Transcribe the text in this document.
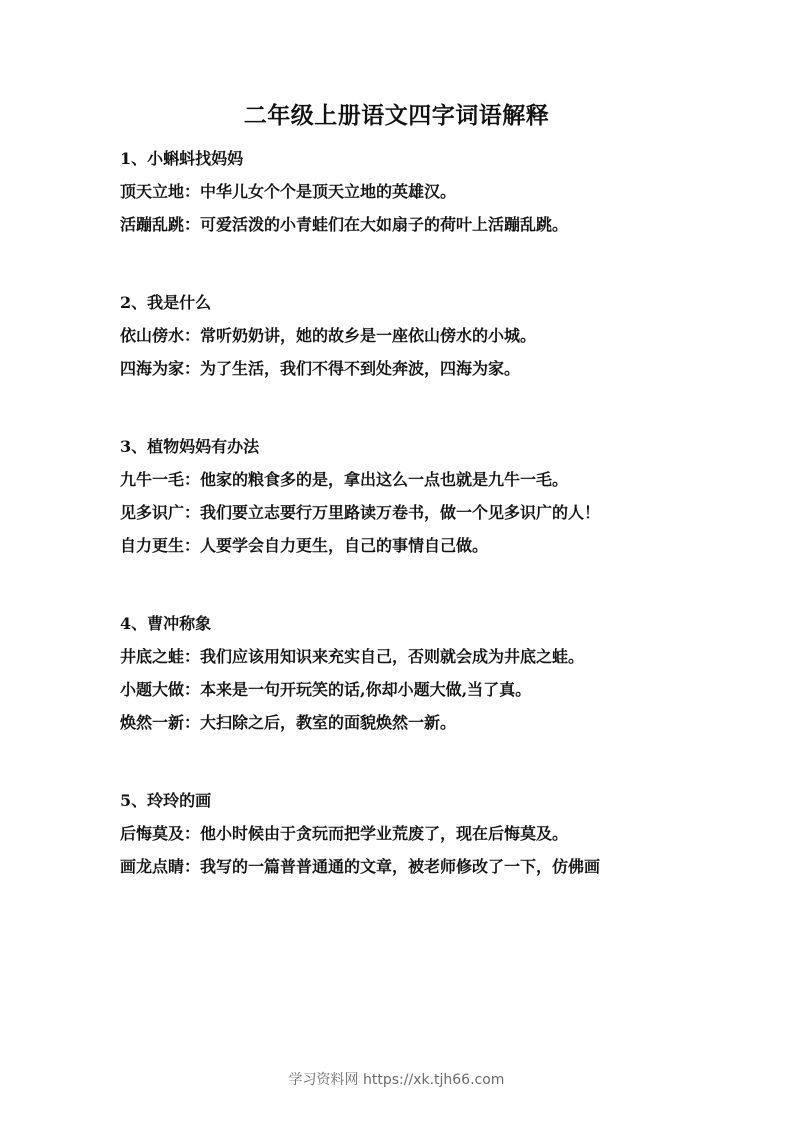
二年级上册语文四字词语解释
1、小蝌蚪找妈妈
顶天立地：中华儿女个个是顶天立地的英雄汉。
活蹦乱跳：可爱活泼的小青蛙们在大如扇子的荷叶上活蹦乱跳。
2、我是什么
依山傍水：常听奶奶讲，她的故乡是一座依山傍水的小城。
四海为家：为了生活，我们不得不到处奔波，四海为家。
3、植物妈妈有办法
九牛一毛：他家的粮食多的是，拿出这么一点也就是九牛一毛。
见多识广：我们要立志要行万里路读万卷书，做一个见多识广的人！
自力更生：人要学会自力更生，自己的事情自己做。
4、曹冲称象
井底之蛙：我们应该用知识来充实自己，否则就会成为井底之蛙。
小题大做：本来是一句开玩笑的话,你却小题大做,当了真。
焕然一新：大扫除之后，教室的面貌焕然一新。
5、玲玲的画
后悔莫及：他小时候由于贪玩而把学业荒废了，现在后悔莫及。
画龙点睛：我写的一篇普普通通的文章，被老师修改了一下，仿佛画
学习资料网 https://xk.tjh66.com
